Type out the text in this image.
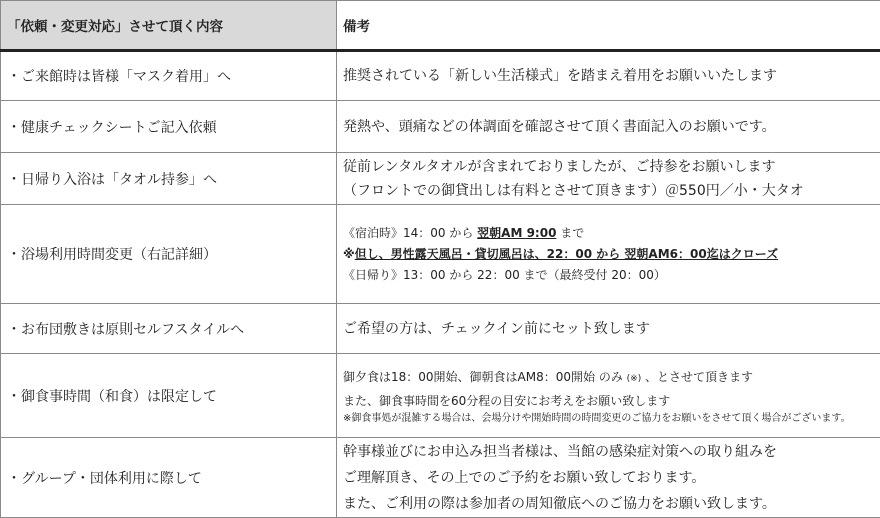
「依頼・変更対応」させて頂く内容	備考
・ご来館時は皆様「マスク着用」へ	推奨されている「新しい生活様式」を踏まえ着用をお願いいたします
・健康チェックシートご記入依頼	発熱や、頭痛などの体調面を確認させて頂く書面記入のお願いです。
・日帰り入浴は「タオル持参」へ	従前レンタルタオルが含まれておりましたが、ご持参をお願いします
（フロントでの御貸出しは有料とさせて頂きます）＠550円／小・大タオ

・浴場利用時間変更（右記詳細）	《宿泊時》14：00 から 翌朝AM 9:00 まで
※但し、男性露天風呂・貸切風呂は、22：00 から 翌朝AM6：00迄はクローズ
《日帰り》13：00 から 22：00 まで（最終受付 20：00）

・お布団敷きは原則セルフスタイルへ	ご希望の方は、チェックイン前にセット致します
・御食事時間（和食）は限定して	御夕食は18：00開始、御朝食はAM8：00開始 のみ (※) 、とさせて頂きます
また、御食事時間を60分程の目安にお考えをお願い致します
※御食事処が混雑する場合は、会場分けや開始時間の時間変更のご協力をお願いをさせて頂く場合がございます。

・グループ・団体利用に際して	幹事様並びにお申込み担当者様は、当館の感染症対策への取り組みを
ご理解頂き、その上でのご予約をお願い致しております。
また、ご利用の際は参加者の周知徹底へのご協力をお願い致します。
